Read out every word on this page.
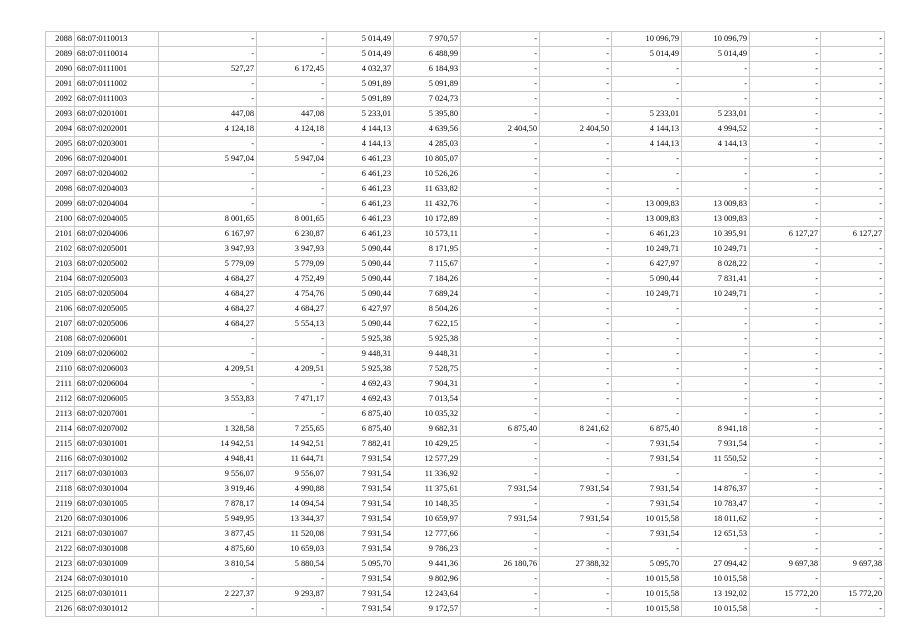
2088	68:07:0110013	-	-	5 014,49	7 970,57	-	-	10 096,79	10 096,79	-	-
2089	68:07:0110014	-	-	5 014,49	6 488,99	-	-	5 014,49	5 014,49	-	-
2090	68:07:0111001	527,27	6 172,45	4 032,37	6 184,93	-	-	-	-	-	-
2091	68:07:0111002	-	-	5 091,89	5 091,89	-	-	-	-	-	-
2092	68:07:0111003	-	-	5 091,89	7 024,73	-	-	-	-	-	-
2093	68:07:0201001	447,08	447,08	5 233,01	5 395,80	-	-	5 233,01	5 233,01	-	-
2094	68:07:0202001	4 124,18	4 124,18	4 144,13	4 639,56	2 404,50	2 404,50	4 144,13	4 994,52	-	-
2095	68:07:0203001	-	-	4 144,13	4 285,03	-	-	4 144,13	4 144,13	-	-
2096	68:07:0204001	5 947,04	5 947,04	6 461,23	10 805,07	-	-	-	-	-	-
2097	68:07:0204002	-	-	6 461,23	10 526,26	-	-	-	-	-	-
2098	68:07:0204003	-	-	6 461,23	11 633,82	-	-	-	-	-	-
2099	68:07:0204004	-	-	6 461,23	11 432,76	-	-	13 009,83	13 009,83	-	-
2100	68:07:0204005	8 001,65	8 001,65	6 461,23	10 172,89	-	-	13 009,83	13 009,83	-	-
2101	68:07:0204006	6 167,97	6 230,87	6 461,23	10 573,11	-	-	6 461,23	10 395,91	6 127,27	6 127,27
2102	68:07:0205001	3 947,93	3 947,93	5 090,44	8 171,95	-	-	10 249,71	10 249,71	-	-
2103	68:07:0205002	5 779,09	5 779,09	5 090,44	7 115,67	-	-	6 427,97	8 028,22	-	-
2104	68:07:0205003	4 684,27	4 752,49	5 090,44	7 184,26	-	-	5 090,44	7 831,41	-	-
2105	68:07:0205004	4 684,27	4 754,76	5 090,44	7 689,24	-	-	10 249,71	10 249,71	-	-
2106	68:07:0205005	4 684,27	4 684,27	6 427,97	8 504,26	-	-	-	-	-	-
2107	68:07:0205006	4 684,27	5 554,13	5 090,44	7 622,15	-	-	-	-	-	-
2108	68:07:0206001	-	-	5 925,38	5 925,38	-	-	-	-	-	-
2109	68:07:0206002	-	-	9 448,31	9 448,31	-	-	-	-	-	-
2110	68:07:0206003	4 209,51	4 209,51	5 925,38	7 528,75	-	-	-	-	-	-
2111	68:07:0206004	-	-	4 692,43	7 904,31	-	-	-	-	-	-
2112	68:07:0206005	3 553,83	7 471,17	4 692,43	7 013,54	-	-	-	-	-	-
2113	68:07:0207001	-	-	6 875,40	10 035,32	-	-	-	-	-	-
2114	68:07:0207002	1 328,58	7 255,65	6 875,40	9 682,31	6 875,40	8 241,62	6 875,40	8 941,18	-	-
2115	68:07:0301001	14 942,51	14 942,51	7 882,41	10 429,25	-	-	7 931,54	7 931,54	-	-
2116	68:07:0301002	4 948,41	11 644,71	7 931,54	12 577,29	-	-	7 931,54	11 550,52	-	-
2117	68:07:0301003	9 556,07	9 556,07	7 931,54	11 336,92	-	-	-	-	-	-
2118	68:07:0301004	3 919,46	4 990,88	7 931,54	11 375,61	7 931,54	7 931,54	7 931,54	14 876,37	-	-
2119	68:07:0301005	7 878,17	14 094,54	7 931,54	10 148,35	-	-	7 931,54	10 783,47	-	-
2120	68:07:0301006	5 949,95	13 344,37	7 931,54	10 659,97	7 931,54	7 931,54	10 015,58	18 011,62	-	-
2121	68:07:0301007	3 877,45	11 520,08	7 931,54	12 777,66	-	-	7 931,54	12 651,53	-	-
2122	68:07:0301008	4 875,60	10 659,03	7 931,54	9 786,23	-	-	-	-	-	-
2123	68:07:0301009	3 810,54	5 880,54	5 095,70	9 441,36	26 180,76	27 388,32	5 095,70	27 094,42	9 697,38	9 697,38
2124	68:07:0301010	-	-	7 931,54	9 802,96	-	-	10 015,58	10 015,58	-	-
2125	68:07:0301011	2 227,37	9 293,87	7 931,54	12 243,64	-	-	10 015,58	13 192,02	15 772,20	15 772,20
2126	68:07:0301012	-	-	7 931,54	9 172,57	-	-	10 015,58	10 015,58	-	-
